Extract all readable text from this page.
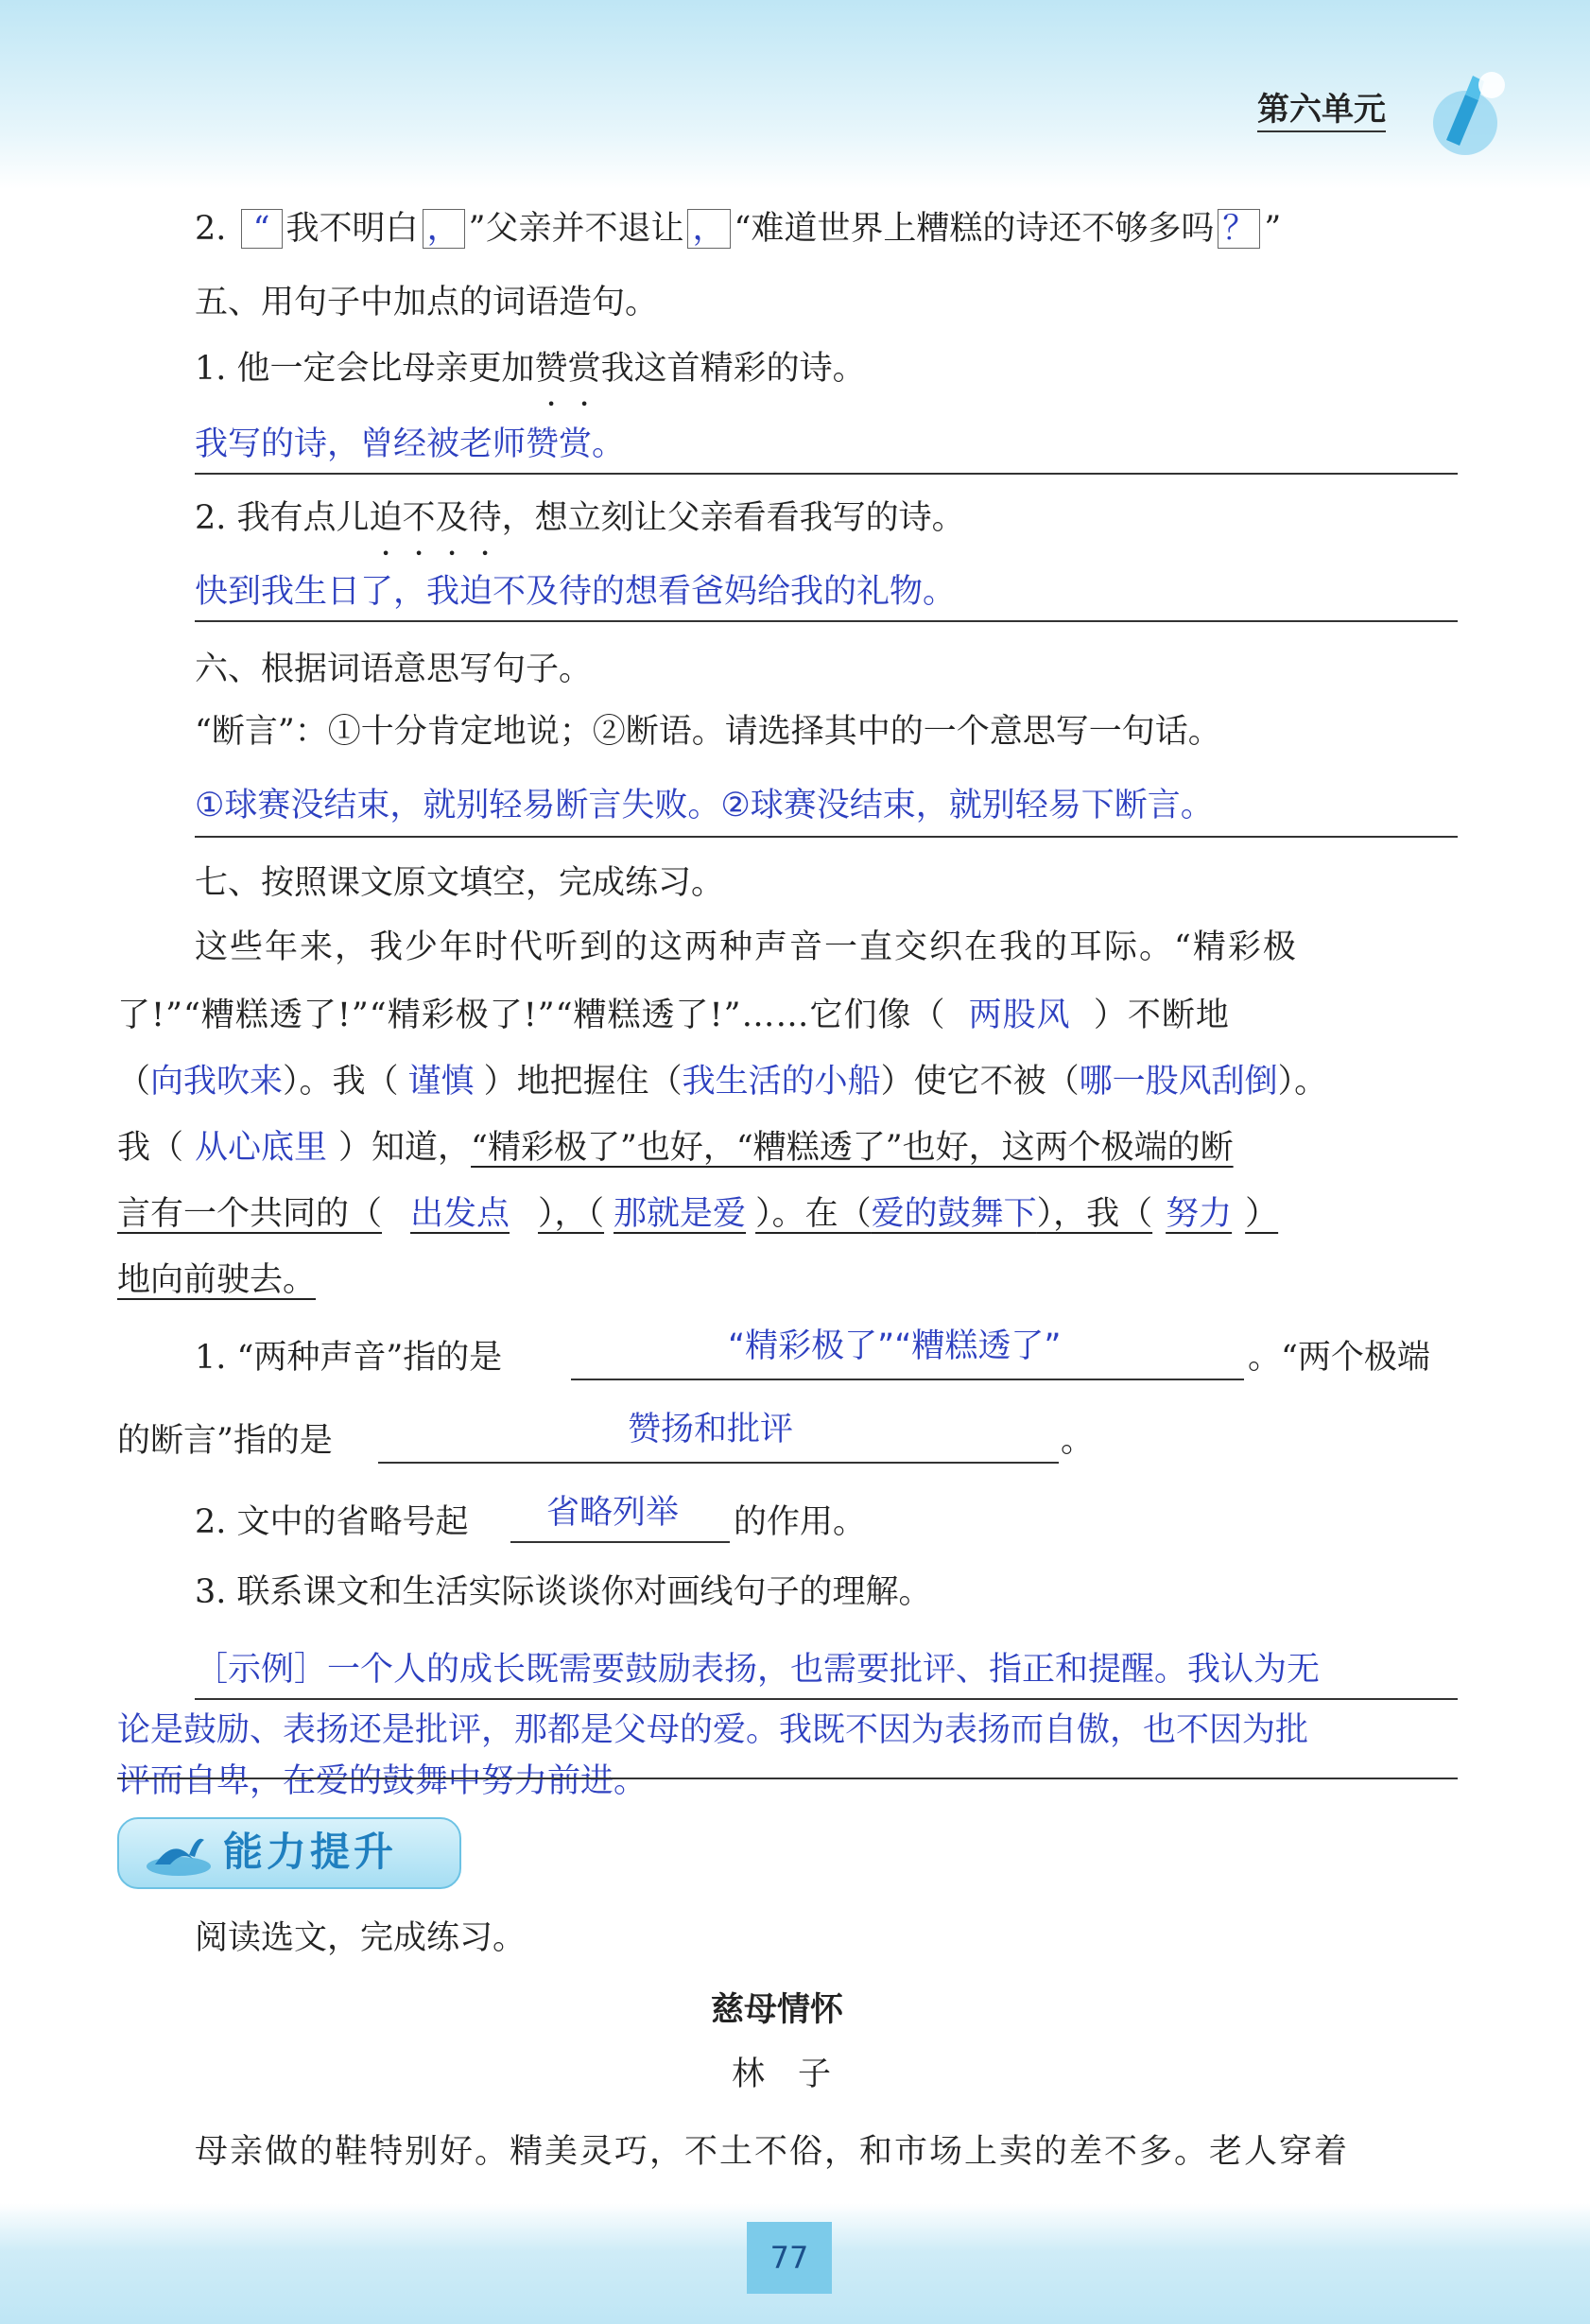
第六单元
2. “ 我不明白 ， ”父亲并不退让 ， “难道世界上糟糕的诗还不够多吗 ？ ”
五、用句子中加点的词语造句。
1. 他一定会比母亲更加赞赏我这首精彩的诗。
我写的诗，曾经被老师赞赏。
2. 我有点儿迫不及待，想立刻让父亲看看我写的诗。
快到我生日了，我迫不及待的想看爸妈给我的礼物。
六、根据词语意思写句子。
“断言”：①十分肯定地说；②断语。请选择其中的一个意思写一句话。
①球赛没结束，就别轻易断言失败。②球赛没结束，就别轻易下断言。
七、按照课文原文填空，完成练习。
这些年来，我少年时代听到的这两种声音一直交织在我的耳际。“精彩极
了!”“糟糕透了!”“精彩极了!”“糟糕透了!”……它们像（ 两股风 ）不断地
（向我吹来）。我（ 谨慎 ）地把握住（我生活的小船）使它不被（哪一股风刮倒）。
我（ 从心底里 ）知道，“精彩极了”也好，“糟糕透了”也好，这两个极端的断
言有一个共同的（ 出发点 ），（ 那就是爱 ）。在（爱的鼓舞下），我（ 努力 ）
地向前驶去。
1. “两种声音”指的是	“精彩极了”“糟糕透了”	。“两个极端
的断言”指的是	赞扬和批评	。
2. 文中的省略号起 省略列举 的作用。
3. 联系课文和生活实际谈谈你对画线句子的理解。
［示例］一个人的成长既需要鼓励表扬，也需要批评、指正和提醒。我认为无
论是鼓励、表扬还是批评，那都是父母的爱。我既不因为表扬而自傲，也不因为批
评而自卑，在爱的鼓舞中努力前进。
能力提升
阅读选文，完成练习。
慈母情怀
林　子
母亲做的鞋特别好。精美灵巧，不土不俗，和市场上卖的差不多。老人穿着
77
